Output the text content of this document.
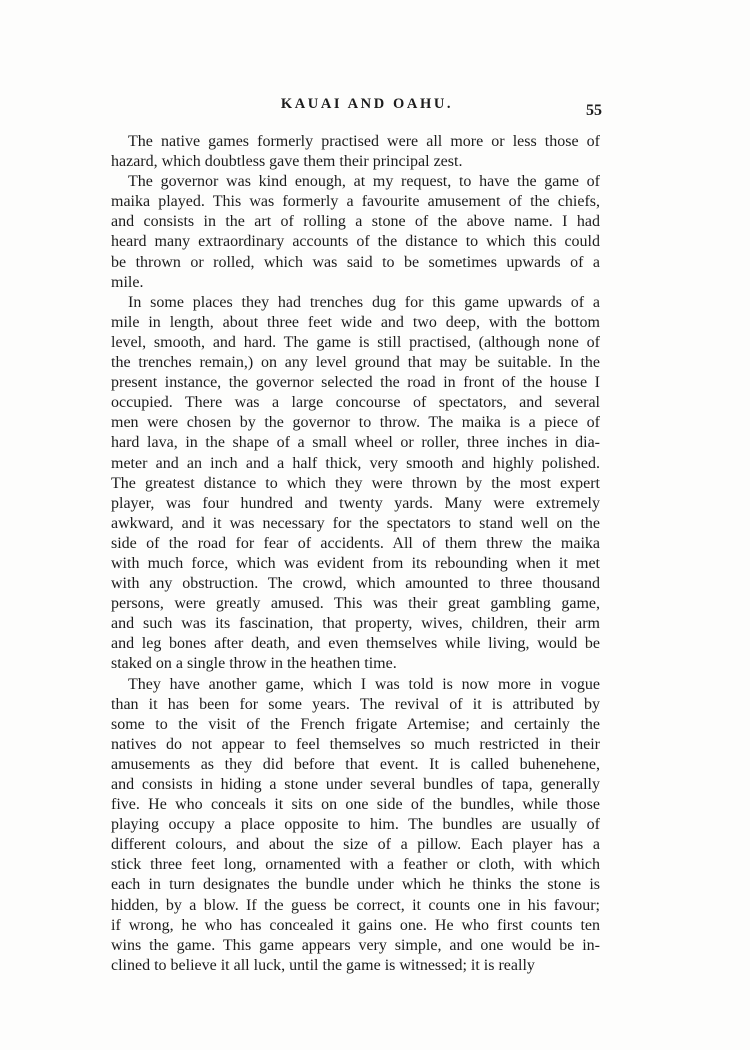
KAUAI AND OAHU.	55

The native games formerly practised were all more or less those of
hazard, which doubtless gave them their principal zest.

The governor was kind enough, at my request, to have the game of
maika played. This was formerly a favourite amusement of the chiefs,
and consists in the art of rolling a stone of the above name. I had
heard many extraordinary accounts of the distance to which this could
be thrown or rolled, which was said to be sometimes upwards of a
mile.

In some places they had trenches dug for this game upwards of a
mile in length, about three feet wide and two deep, with the bottom
level, smooth, and hard. The game is still practised, (although none of
the trenches remain,) on any level ground that may be suitable. In the
present instance, the governor selected the road in front of the house I
occupied. There was a large concourse of spectators, and several
men were chosen by the governor to throw. The maika is a piece of
hard lava, in the shape of a small wheel or roller, three inches in dia-
meter and an inch and a half thick, very smooth and highly polished.
The greatest distance to which they were thrown by the most expert
player, was four hundred and twenty yards. Many were extremely
awkward, and it was necessary for the spectators to stand well on the
side of the road for fear of accidents. All of them threw the maika
with much force, which was evident from its rebounding when it met
with any obstruction. The crowd, which amounted to three thousand
persons, were greatly amused. This was their great gambling game,
and such was its fascination, that property, wives, children, their arm
and leg bones after death, and even themselves while living, would be
staked on a single throw in the heathen time.

They have another game, which I was told is now more in vogue
than it has been for some years. The revival of it is attributed by
some to the visit of the French frigate Artemise; and certainly the
natives do not appear to feel themselves so much restricted in their
amusements as they did before that event. It is called buhenehene,
and consists in hiding a stone under several bundles of tapa, generally
five. He who conceals it sits on one side of the bundles, while those
playing occupy a place opposite to him. The bundles are usually of
different colours, and about the size of a pillow. Each player has a
stick three feet long, ornamented with a feather or cloth, with which
each in turn designates the bundle under which he thinks the stone is
hidden, by a blow. If the guess be correct, it counts one in his favour;
if wrong, he who has concealed it gains one. He who first counts ten
wins the game. This game appears very simple, and one would be in-
clined to believe it all luck, until the game is witnessed; it is really
